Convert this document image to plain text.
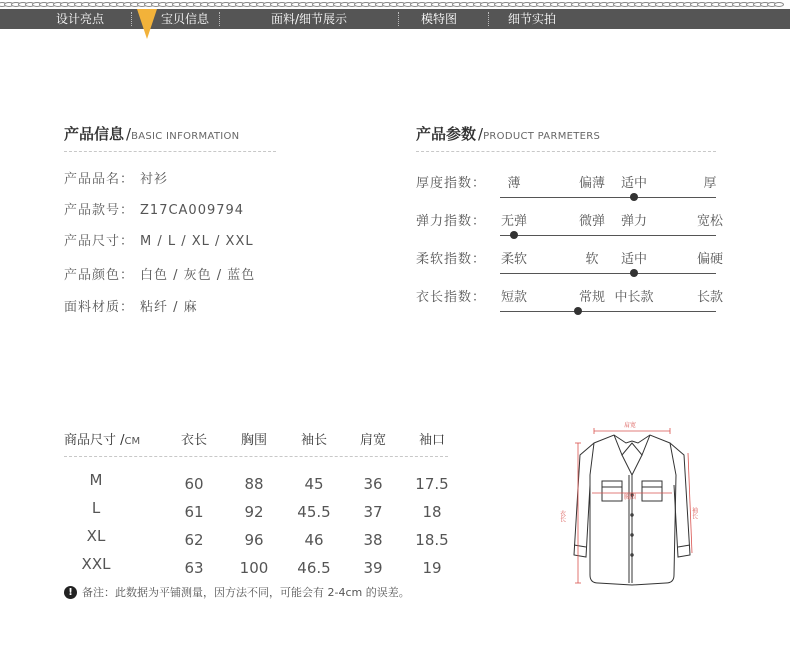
设计亮点	宝贝信息	面料/细节展示	模特图	细节实拍
产品信息 /BASIC INFORMATION
产品品名： 衬衫
产品款号： Z17CA009794
产品尺寸： M / L / XL / XXL
产品颜色： 白色 / 灰色 / 蓝色
面料材质： 粘纤 / 麻
产品参数 /PRODUCT PARMETERS
厚度指数： 薄	偏薄 适中	厚
弹力指数： 无弹	微弹 弹力	宽松
柔软指数： 柔软	软 适中	偏硬
衣长指数： 短款	常规 中长款	长款
商品尺寸 /CM	衣长	胸围	袖长	肩宽	袖口
M	60	88	45	36 17.5
L	61	92 45.5 37	18
XL	62	96	46	38 18.5
XXL	63 100 46.5 39	19
! 备注：此数据为平铺测量，因方法不同，可能会有 2-4cm 的误差。
肩宽
胸围
衣长	袖长
